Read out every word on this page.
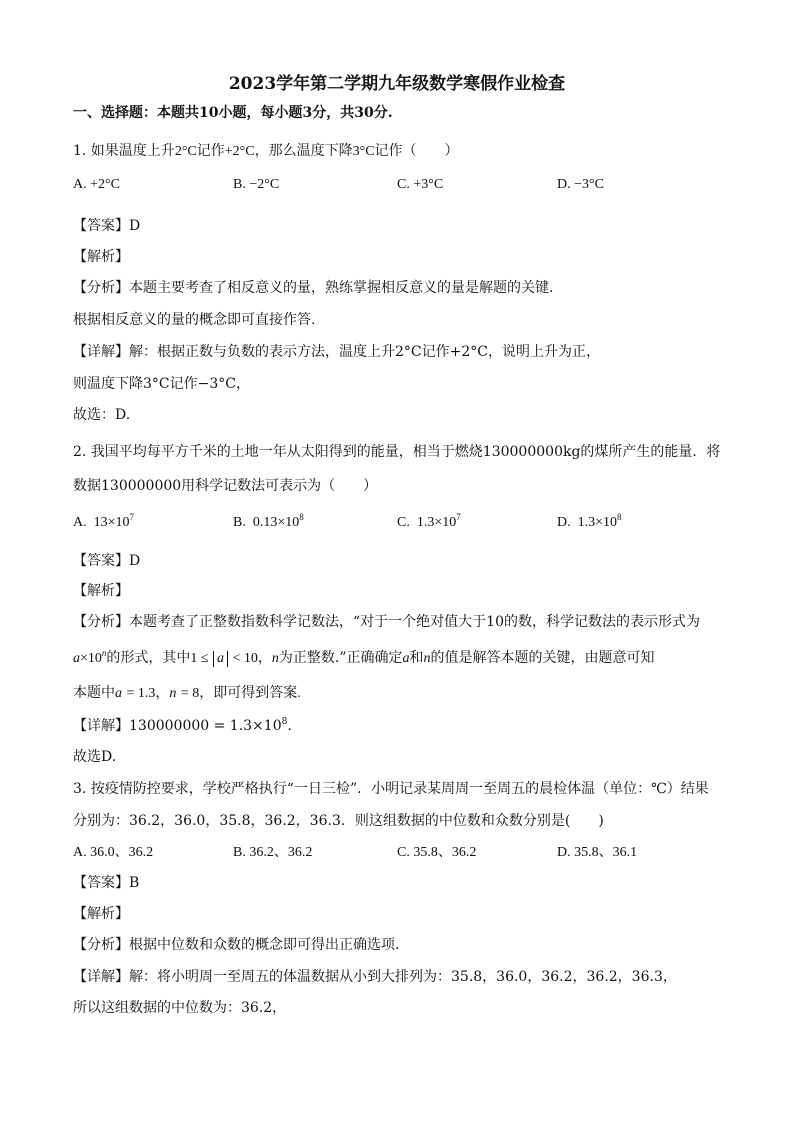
2023学年第二学期九年级数学寒假作业检查
一、选择题：本题共10小题，每小题3分，共30分.
1. 如果温度上升2°C记作+2°C，那么温度下降3°C记作（　　）
A. +2°C	B. −2°C	C. +3°C	D. −3°C
【答案】D
【解析】
【分析】本题主要考查了相反意义的量，熟练掌握相反意义的量是解题的关键.
根据相反意义的量的概念即可直接作答.
【详解】解：根据正数与负数的表示方法，温度上升2°C记作+2°C，说明上升为正，
则温度下降3°C记作−3°C，
故选：D.
2. 我国平均每平方千米的土地一年从太阳得到的能量，相当于燃烧130000000kg的煤所产生的能量．将
数据130000000用科学记数法可表示为（　　）
A. $13\times 10^7$	B. $0.13\times 10^8$	C. $1.3\times 10^7$	D. $1.3\times 10^8$
【答案】D
【解析】
【分析】本题考查了正整数指数科学记数法，“对于一个绝对值大于10的数，科学记数法的表示形式为
$a\times 10^n$的形式，其中1 ≤ a < 10，n为正整数.”正确确定a和n的值是解答本题的关键，由题意可知
本题中a = 1.3，n = 8，即可得到答案.
【详解】$130000000 = 1.3\times 10^8$.
故选D.
3. 按疫情防控要求，学校严格执行“一日三检”．小明记录某周周一至周五的晨检体温（单位：℃）结果
分别为：36.2，36.0，35.8，36.2，36.3．则这组数据的中位数和众数分别是(　　)
A. 36.0、36.2	B. 36.2、36.2	C. 35.8、36.2	D. 35.8、36.1
【答案】B
【解析】
【分析】根据中位数和众数的概念即可得出正确选项．
【详解】解：将小明周一至周五的体温数据从小到大排列为：35.8，36.0，36.2，36.2，36.3，
所以这组数据的中位数为：36.2，
